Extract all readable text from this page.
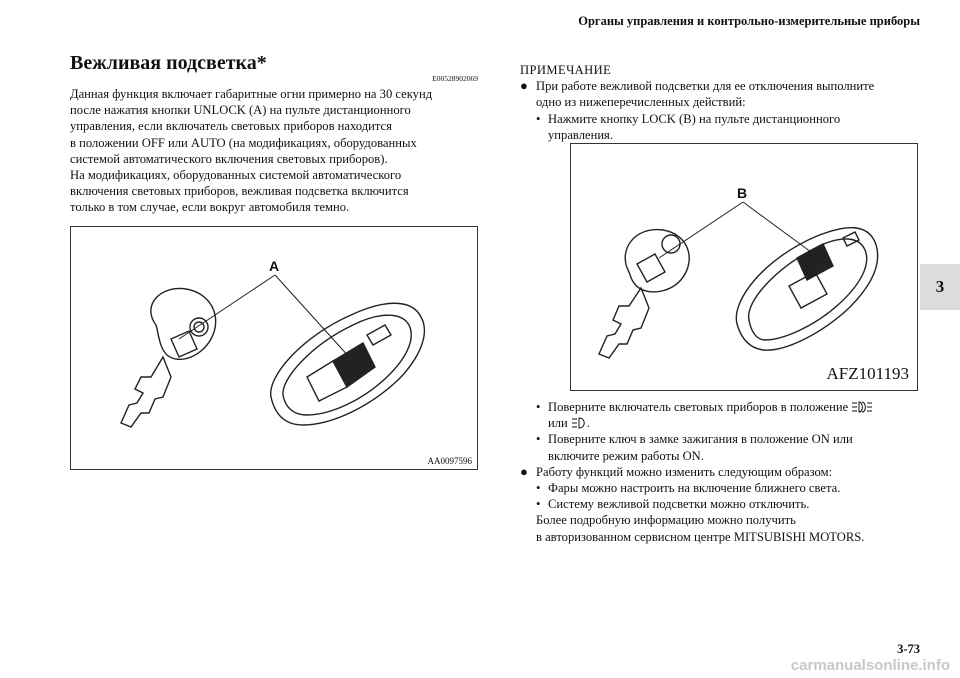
Органы управления и контрольно-измерительные приборы
3
Вежливая подсветка*
E00528902069

Данная функция включает габаритные огни примерно на 30 секунд

после нажатия кнопки UNLOCK (A) на пульте дистанционного

управления, если включатель световых приборов находится

в положении OFF или AUTO (на модификациях, оборудованных

системой автоматического включения световых приборов).

На модификациях, оборудованных системой автоматического

включения световых приборов, вежливая подсветка включится

только в том случае, если вокруг автомобиля темно.

A
AA0097596
ПРИМЕЧАНИЕ
● При работе вежливой подсветки для ее отключения выполните
одно из нижеперечисленных действий:
• Нажмите кнопку LOCK (B) на пульте дистанционного
управления.
B
AFZ101193
• Поверните включатель световых приборов в положение
или .
• Поверните ключ в замке зажигания в положение ON или
включите режим работы ON.
● Работу функций можно изменить следующим образом:
• Фары можно настроить на включение ближнего света.
• Систему вежливой подсветки можно отключить.
Более подробную информацию можно получить
в авторизованном сервисном центре MITSUBISHI MOTORS.
3-73
carmanualsonline.info
